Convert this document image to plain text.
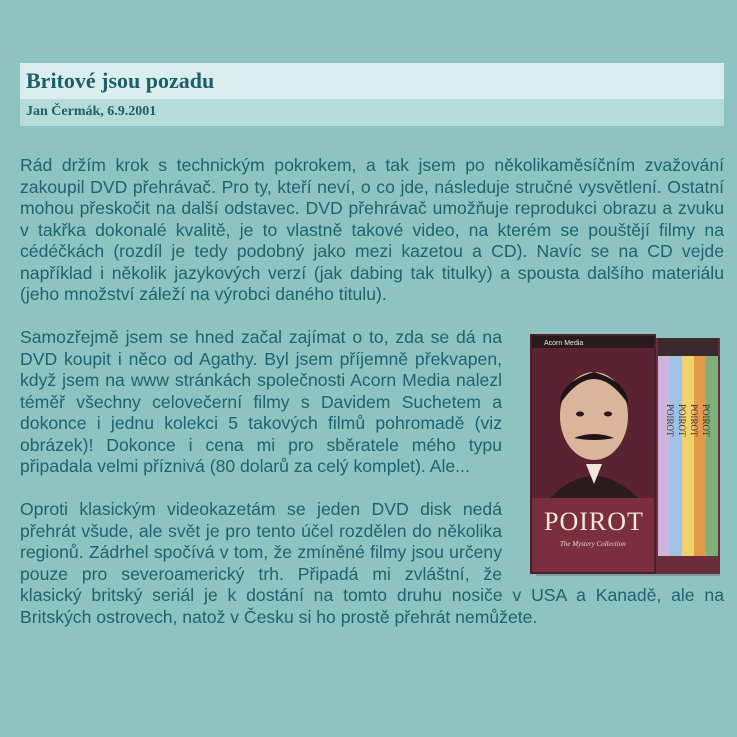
Britové jsou pozadu
Jan Čermák, 6.9.2001

Rád držím krok s technickým pokrokem, a tak jsem po několikaměsíčním zvažování zakoupil DVD přehrávač. Pro ty, kteří neví, o co jde, následuje stručné vysvětlení. Ostatní mohou přeskočit na další odstavec. DVD přehrávač umožňuje reprodukci obrazu a zvuku v takřka dokonalé kvalitě, je to vlastně takové video, na kterém se pouštějí filmy na cédéčkách (rozdíl je tedy podobný jako mezi kazetou a CD). Navíc se na CD vejde například i několik jazykových verzí (jak dabing tak titulky) a spousta dalšího materiálu (jeho množství záleží na výrobci daného titulu).

Acorn Media
POIROT
The Mystery Collection
POIROT POIROT POIROT POIROT

Samozřejmě jsem se hned začal zajímat o to, zda se dá na DVD koupit i něco od Agathy. Byl jsem příjemně překvapen, když jsem na www stránkách společnosti Acorn Media nalezl téměř všechny celovečerní filmy s Davidem Suchetem a dokonce i jednu kolekci 5 takových filmů pohromadě (viz obrázek)! Dokonce i cena mi pro sběratele mého typu připadala velmi příznivá (80 dolarů za celý komplet). Ale...

Oproti klasickým videokazetám se jeden DVD disk nedá přehrát všude, ale svět je pro tento účel rozdělen do několika regionů. Zádrhel spočívá v tom, že zmíněné filmy jsou určeny pouze pro severoamerický trh. Připadá mi zvláštní, že klasický britský seriál je k dostání na tomto druhu nosiče v USA a Kanadě, ale na Britských ostrovech, natož v Česku si ho prostě přehrát nemůžete.
